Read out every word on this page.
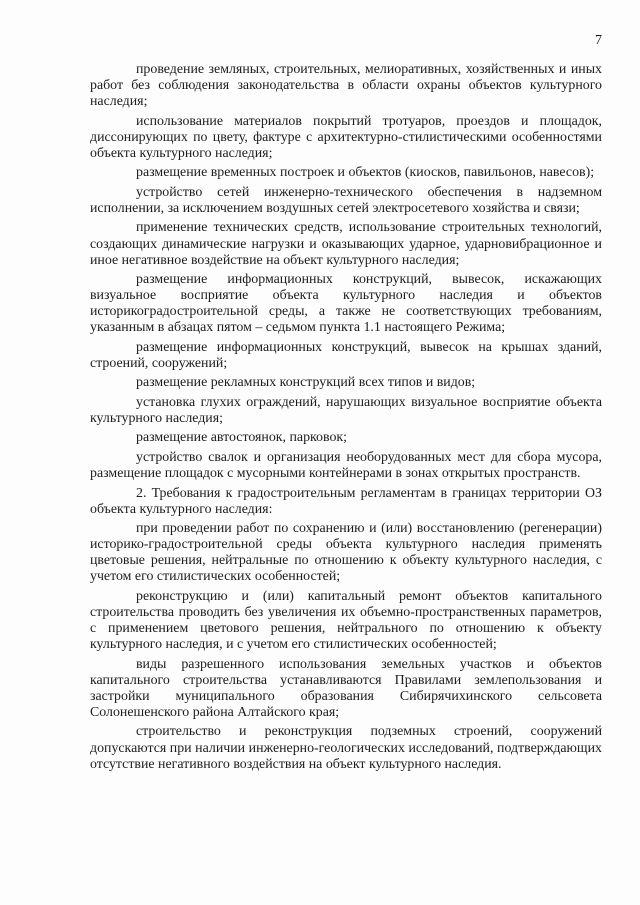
7

проведение земляных, строительных, мелиоративных, хозяйственных и иных работ без соблюдения законодательства в области охраны объектов культурного наследия;

использование материалов покрытий тротуаров, проездов и площадок, диссонирующих по цвету, фактуре с архитектурно-стилистическими особенностями объекта культурного наследия;

размещение временных построек и объектов (киосков, павильонов, навесов);

устройство сетей инженерно-технического обеспечения в надземном исполнении, за исключением воздушных сетей электросетевого хозяйства и связи;

применение технических средств, использование строительных технологий, создающих динамические нагрузки и оказывающих ударное, ударновибрационное и иное негативное воздействие на объект культурного наследия;

размещение информационных конструкций, вывесок, искажающих визуальное восприятие объекта культурного наследия и объектов историкоградостроительной среды, а также не соответствующих требованиям, указанным в абзацах пятом – седьмом пункта 1.1 настоящего Режима;

размещение информационных конструкций, вывесок на крышах зданий, строений, сооружений;

размещение рекламных конструкций всех типов и видов;

установка глухих ограждений, нарушающих визуальное восприятие объекта культурного наследия;

размещение автостоянок, парковок;

устройство свалок и организация необорудованных мест для сбора мусора, размещение площадок с мусорными контейнерами в зонах открытых пространств.

2. Требования к градостроительным регламентам в границах территории ОЗ объекта культурного наследия:

при проведении работ по сохранению и (или) восстановлению (регенерации) историко-градостроительной среды объекта культурного наследия применять цветовые решения, нейтральные по отношению к объекту культурного наследия, с учетом его стилистических особенностей;

реконструкцию и (или) капитальный ремонт объектов капитального строительства проводить без увеличения их объемно-пространственных параметров, с применением цветового решения, нейтрального по отношению к объекту культурного наследия, и с учетом его стилистических особенностей;

виды разрешенного использования земельных участков и объектов капитального строительства устанавливаются Правилами землепользования и застройки муниципального образования Сибирячихинского сельсовета Солонешенского района Алтайского края;

строительство и реконструкция подземных строений, сооружений допускаются при наличии инженерно-геологических исследований, подтверждающих отсутствие негативного воздействия на объект культурного наследия.
